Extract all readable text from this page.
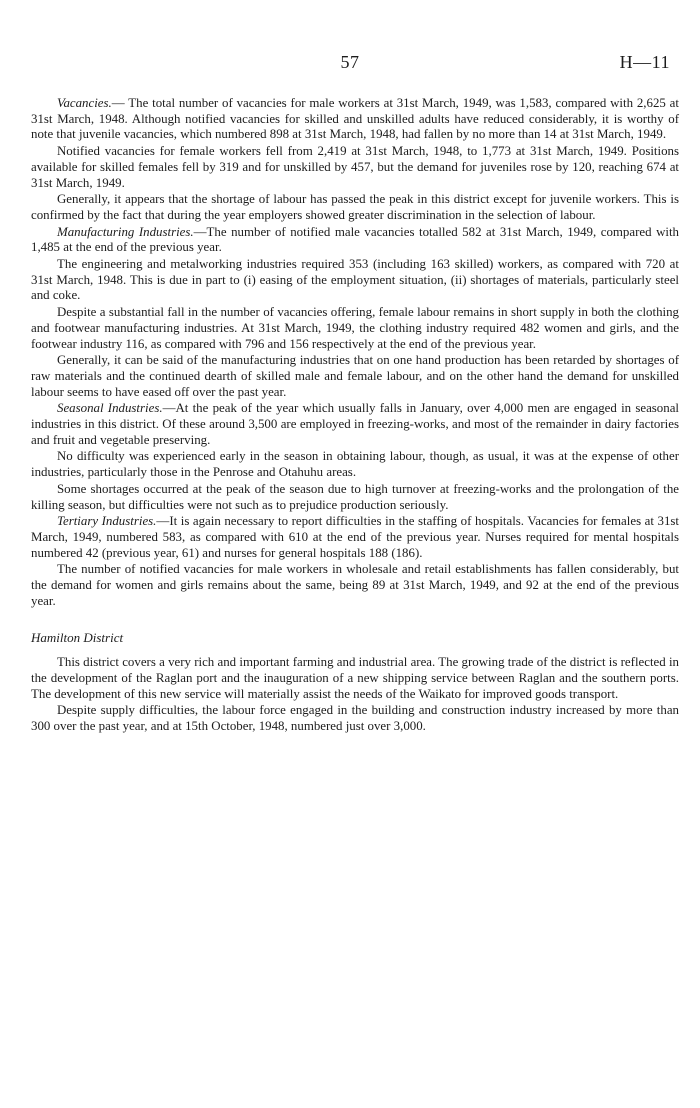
57	H—11

Vacancies.— The total number of vacancies for male workers at 31st March, 1949, was 1,583, compared with 2,625 at 31st March, 1948. Although notified vacancies for skilled and unskilled adults have reduced considerably, it is worthy of note that juvenile vacancies, which numbered 898 at 31st March, 1948, had fallen by no more than 14 at 31st March, 1949.

Notified vacancies for female workers fell from 2,419 at 31st March, 1948, to 1,773 at 31st March, 1949. Positions available for skilled females fell by 319 and for unskilled by 457, but the demand for juveniles rose by 120, reaching 674 at 31st March, 1949.

Generally, it appears that the shortage of labour has passed the peak in this district except for juvenile workers. This is confirmed by the fact that during the year employers showed greater discrimination in the selection of labour.

Manufacturing Industries.—The number of notified male vacancies totalled 582 at 31st March, 1949, compared with 1,485 at the end of the previous year.

The engineering and metalworking industries required 353 (including 163 skilled) workers, as compared with 720 at 31st March, 1948. This is due in part to (i) easing of the employment situation, (ii) shortages of materials, particularly steel and coke.

Despite a substantial fall in the number of vacancies offering, female labour remains in short supply in both the clothing and footwear manufacturing industries. At 31st March, 1949, the clothing industry required 482 women and girls, and the footwear industry 116, as compared with 796 and 156 respectively at the end of the previous year.

Generally, it can be said of the manufacturing industries that on one hand production has been retarded by shortages of raw materials and the continued dearth of skilled male and female labour, and on the other hand the demand for unskilled labour seems to have eased off over the past year.

Seasonal Industries.—At the peak of the year which usually falls in January, over 4,000 men are engaged in seasonal industries in this district. Of these around 3,500 are employed in freezing-works, and most of the remainder in dairy factories and fruit and vegetable preserving.

No difficulty was experienced early in the season in obtaining labour, though, as usual, it was at the expense of other industries, particularly those in the Penrose and Otahuhu areas.

Some shortages occurred at the peak of the season due to high turnover at freezing-works and the prolongation of the killing season, but difficulties were not such as to prejudice production seriously.

Tertiary Industries.—It is again necessary to report difficulties in the staffing of hospitals. Vacancies for females at 31st March, 1949, numbered 583, as compared with 610 at the end of the previous year. Nurses required for mental hospitals numbered 42 (previous year, 61) and nurses for general hospitals 188 (186).

The number of notified vacancies for male workers in wholesale and retail establishments has fallen considerably, but the demand for women and girls remains about the same, being 89 at 31st March, 1949, and 92 at the end of the previous year.

Hamilton District

This district covers a very rich and important farming and industrial area. The growing trade of the district is reflected in the development of the Raglan port and the inauguration of a new shipping service between Raglan and the southern ports. The development of this new service will materially assist the needs of the Waikato for improved goods transport.

Despite supply difficulties, the labour force engaged in the building and construction industry increased by more than 300 over the past year, and at 15th October, 1948, numbered just over 3,000.
